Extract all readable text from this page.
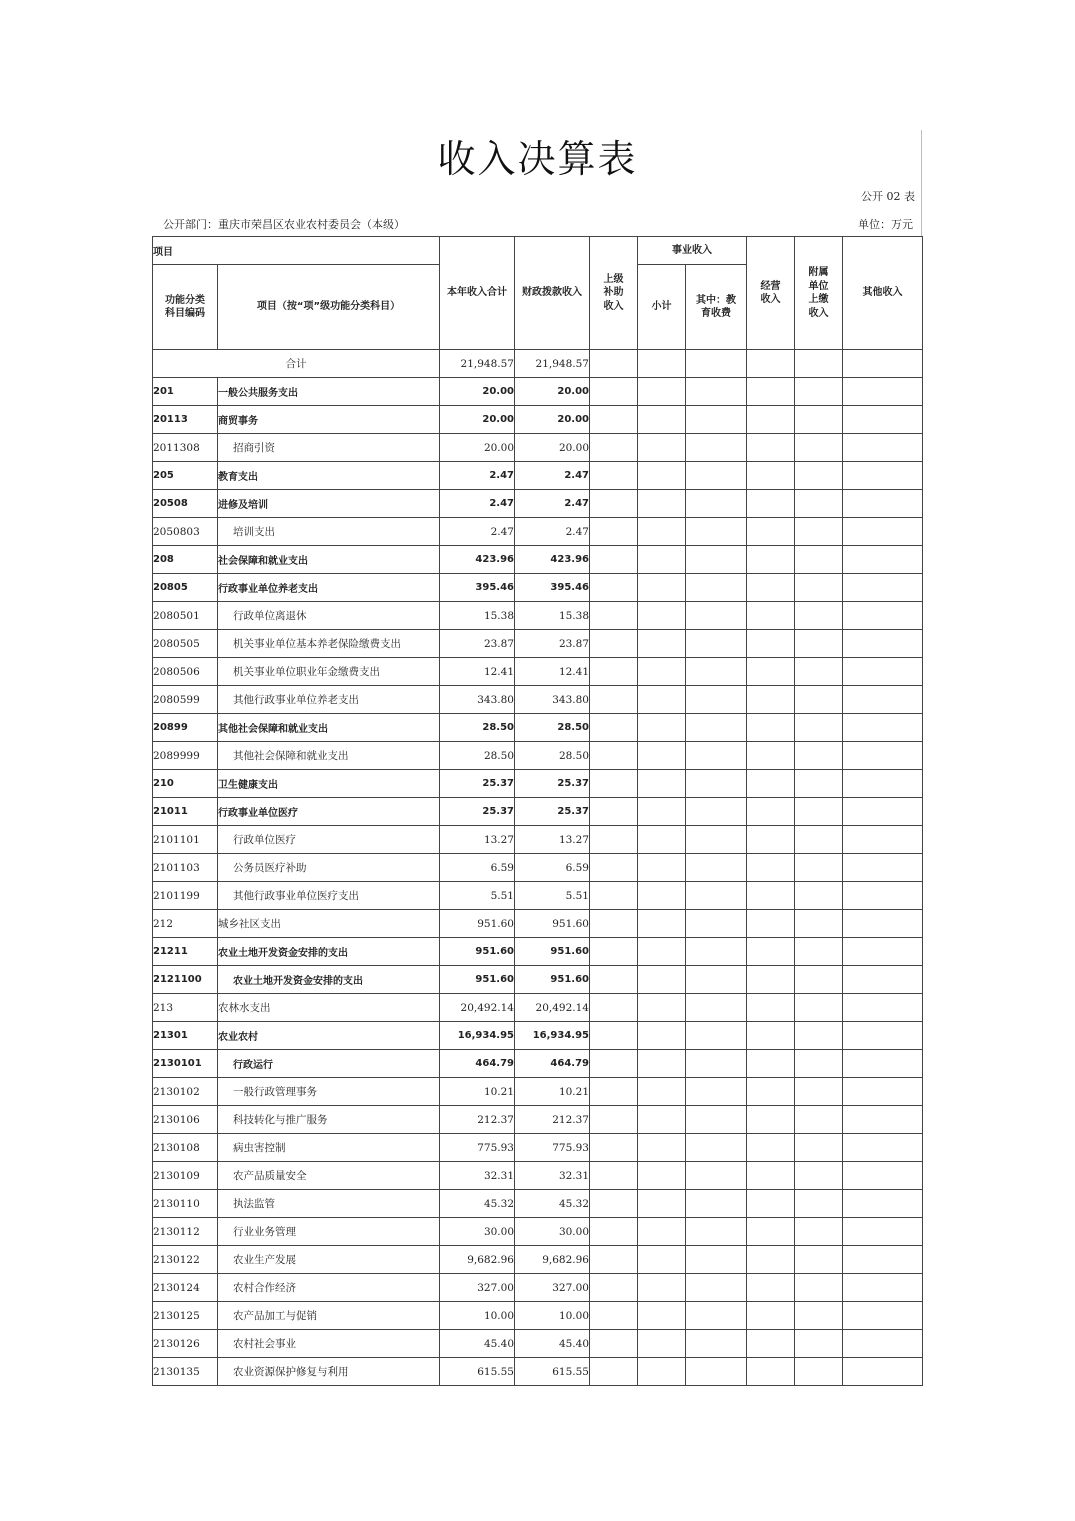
收入决算表
公开 02 表
公开部门：重庆市荣昌区农业农村委员会（本级）	单位：万元
项目		本年收入合计	财政拨款收入	上级补助收入	事业收入		经营收入	附属单位上缴收入	其他收入
功能分类科目编码	项目（按“项”级功能分类科目）				小计	其中：教育收费			
合计		21,948.57	21,948.57						
201	一般公共服务支出	20.00	20.00						
20113	商贸事务	20.00	20.00						
2011308	招商引资	20.00	20.00						
205	教育支出	2.47	2.47						
20508	进修及培训	2.47	2.47						
2050803	培训支出	2.47	2.47						
208	社会保障和就业支出	423.96	423.96						
20805	行政事业单位养老支出	395.46	395.46						
2080501	行政单位离退休	15.38	15.38						
2080505	机关事业单位基本养老保险缴费支出	23.87	23.87						
2080506	机关事业单位职业年金缴费支出	12.41	12.41						
2080599	其他行政事业单位养老支出	343.80	343.80						
20899	其他社会保障和就业支出	28.50	28.50						
2089999	其他社会保障和就业支出	28.50	28.50						
210	卫生健康支出	25.37	25.37						
21011	行政事业单位医疗	25.37	25.37						
2101101	行政单位医疗	13.27	13.27						
2101103	公务员医疗补助	6.59	6.59						
2101199	其他行政事业单位医疗支出	5.51	5.51						
212	城乡社区支出	951.60	951.60						
21211	农业土地开发资金安排的支出	951.60	951.60						
2121100	农业土地开发资金安排的支出	951.60	951.60						
213	农林水支出	20,492.14	20,492.14						
21301	农业农村	16,934.95	16,934.95						
2130101	行政运行	464.79	464.79						
2130102	一般行政管理事务	10.21	10.21						
2130106	科技转化与推广服务	212.37	212.37						
2130108	病虫害控制	775.93	775.93						
2130109	农产品质量安全	32.31	32.31						
2130110	执法监管	45.32	45.32						
2130112	行业业务管理	30.00	30.00						
2130122	农业生产发展	9,682.96	9,682.96						
2130124	农村合作经济	327.00	327.00						
2130125	农产品加工与促销	10.00	10.00						
2130126	农村社会事业	45.40	45.40						
2130135	农业资源保护修复与利用	615.55	615.55						
